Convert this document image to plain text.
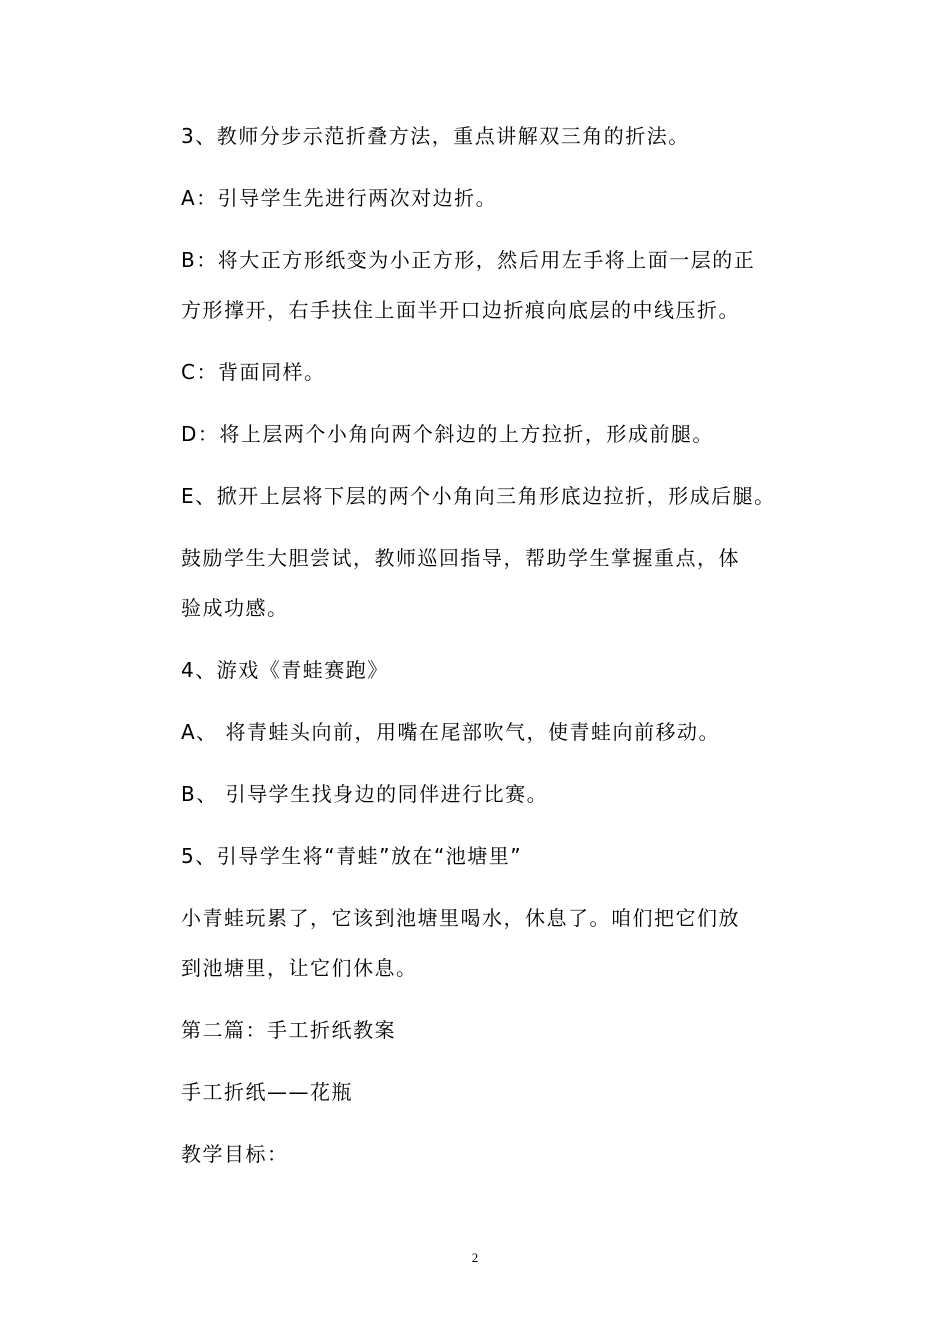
3、教师分步示范折叠方法，重点讲解双三角的折法。
A：引导学生先进行两次对边折。
B：将大正方形纸变为小正方形，然后用左手将上面一层的正
方形撑开，右手扶住上面半开口边折痕向底层的中线压折。
C：背面同样。
D：将上层两个小角向两个斜边的上方拉折，形成前腿。
E、掀开上层将下层的两个小角向三角形底边拉折，形成后腿。
鼓励学生大胆尝试，教师巡回指导，帮助学生掌握重点，体
验成功感。
4、游戏《青蛙赛跑》
A、 将青蛙头向前，用嘴在尾部吹气，使青蛙向前移动。
B、 引导学生找身边的同伴进行比赛。
5、引导学生将“青蛙”放在“池塘里”
小青蛙玩累了，它该到池塘里喝水，休息了。咱们把它们放
到池塘里，让它们休息。
第二篇：手工折纸教案
手工折纸——花瓶
教学目标：
2
